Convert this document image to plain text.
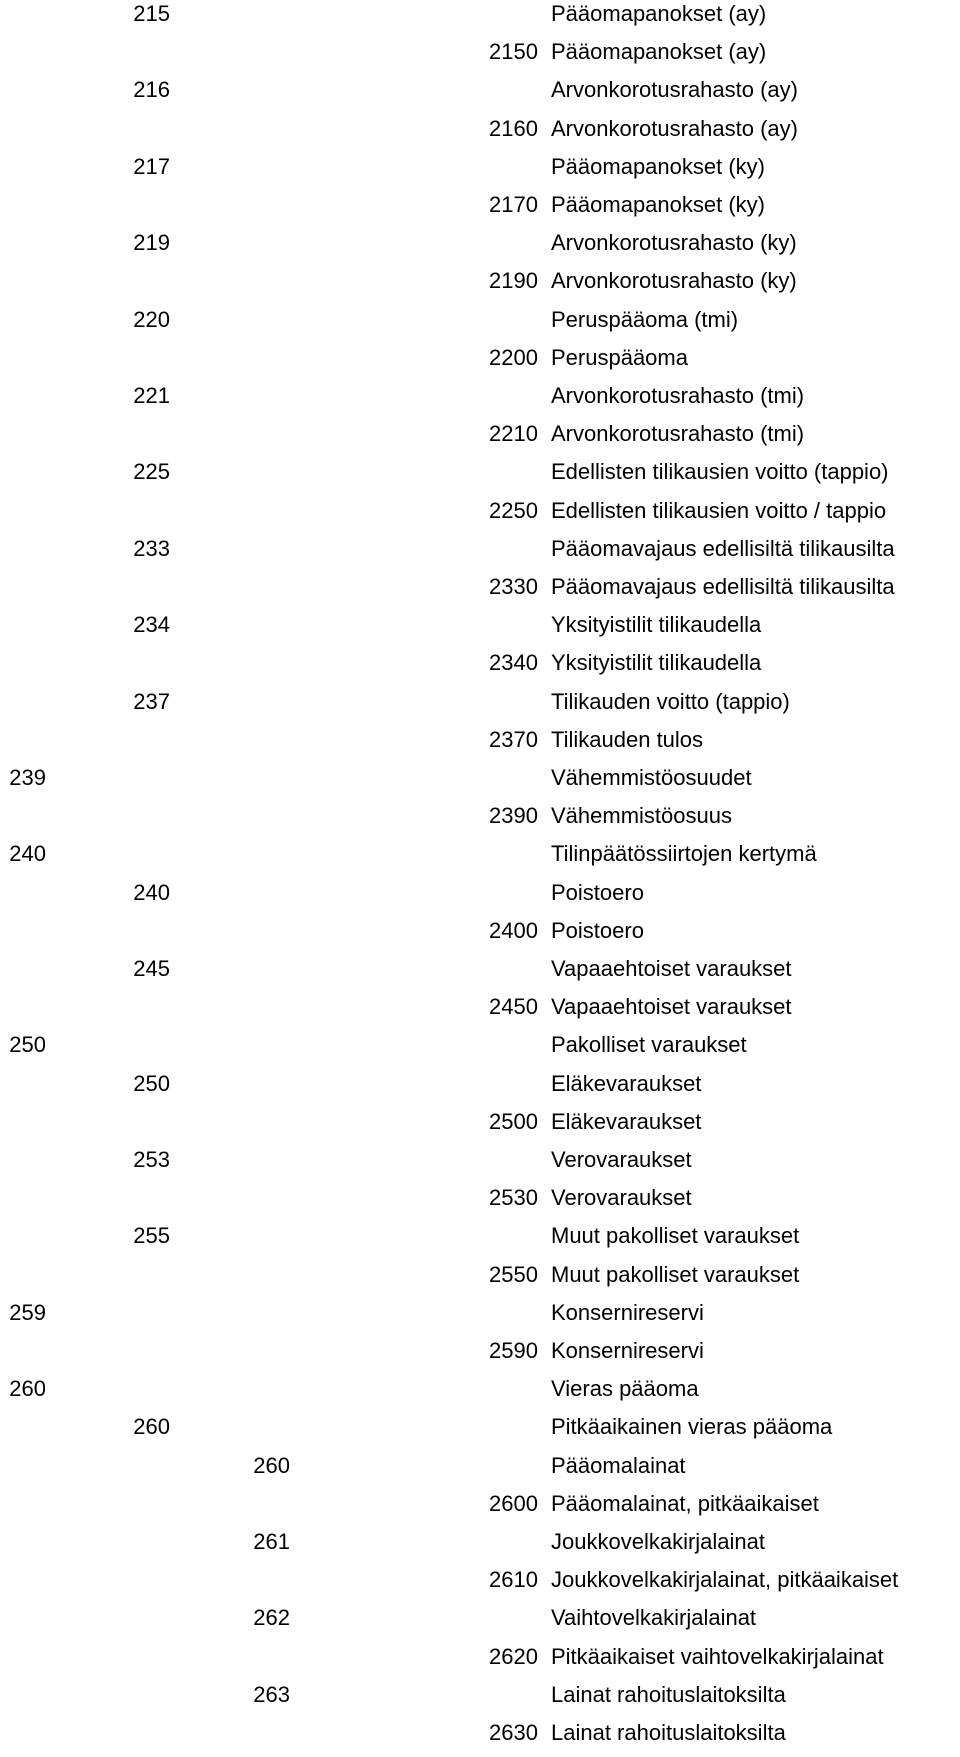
215	Pääomapanokset (ay)
2150 Pääomapanokset (ay)
216	Arvonkorotusrahasto (ay)
2160 Arvonkorotusrahasto (ay)
217	Pääomapanokset (ky)
2170 Pääomapanokset (ky)
219	Arvonkorotusrahasto (ky)
2190 Arvonkorotusrahasto (ky)
220	Peruspääoma (tmi)
2200 Peruspääoma
221	Arvonkorotusrahasto (tmi)
2210 Arvonkorotusrahasto (tmi)
225	Edellisten tilikausien voitto (tappio)
2250 Edellisten tilikausien voitto / tappio
233	Pääomavajaus edellisiltä tilikausilta
2330 Pääomavajaus edellisiltä tilikausilta
234	Yksityistilit tilikaudella
2340 Yksityistilit tilikaudella
237	Tilikauden voitto (tappio)
2370 Tilikauden tulos
239	Vähemmistöosuudet
2390 Vähemmistöosuus
240	Tilinpäätössiirtojen kertymä
240	Poistoero
2400 Poistoero
245	Vapaaehtoiset varaukset
2450 Vapaaehtoiset varaukset
250	Pakolliset varaukset
250	Eläkevaraukset
2500 Eläkevaraukset
253	Verovaraukset
2530 Verovaraukset
255	Muut pakolliset varaukset
2550 Muut pakolliset varaukset
259	Konsernireservi
2590 Konsernireservi
260	Vieras pääoma
260	Pitkäaikainen vieras pääoma
260	Pääomalainat
2600 Pääomalainat, pitkäaikaiset
261	Joukkovelkakirjalainat
2610 Joukkovelkakirjalainat, pitkäaikaiset
262	Vaihtovelkakirjalainat
2620 Pitkäaikaiset vaihtovelkakirjalainat
263	Lainat rahoituslaitoksilta
2630 Lainat rahoituslaitoksilta
